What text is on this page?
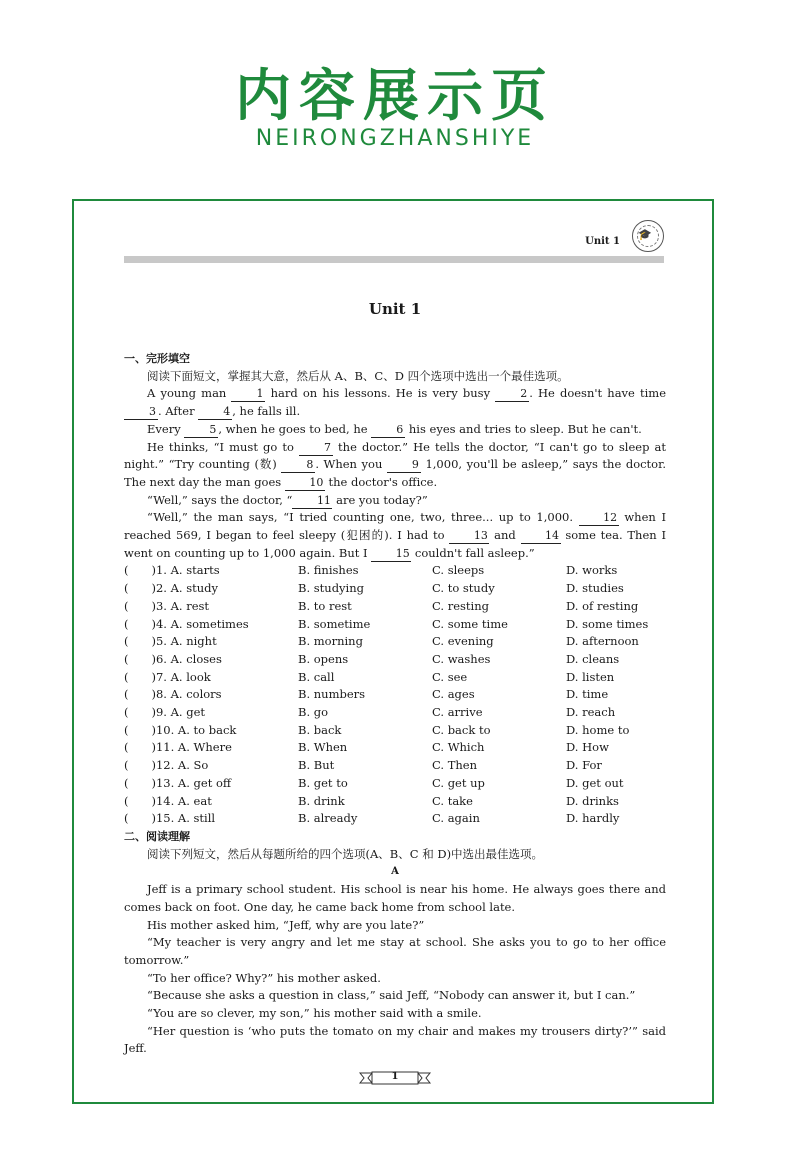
内容展示页
NEIRONGZHANSHIYE
Unit 1
🎓
Unit 1
一、完形填空
阅读下面短文，掌握其大意，然后从 A、B、C、D 四个选项中选出一个最佳选项。
A young man 1 hard on his lessons. He is very busy 2 . He doesn't have time 3 . After 4 , he falls ill.
Every 5 , when he goes to bed, he 6 his eyes and tries to sleep. But he can't.
He thinks, “I must go to 7 the doctor.” He tells the doctor, “I can't go to sleep at night.” “Try counting (数) 8 . When you 9 1,000, you'll be asleep,” says the doctor. The next day the man goes 10 the doctor's office.
“Well,” says the doctor, “ 11 are you today?”
“Well,” the man says, “I tried counting one, two, three... up to 1,000. 12 when I reached 569, I began to feel sleepy (犯困的). I had to 13 and 14 some tea. Then I went on counting up to 1,000 again. But I 15 couldn't fall asleep.”
(　　)1. A. starts	B. finishes	C. sleeps	D. works
(　　)2. A. study	B. studying	C. to study	D. studies
(　　)3. A. rest	B. to rest	C. resting	D. of resting
(　　)4. A. sometimes	B. sometime	C. some time	D. some times
(　　)5. A. night	B. morning	C. evening	D. afternoon
(　　)6. A. closes	B. opens	C. washes	D. cleans
(　　)7. A. look	B. call	C. see	D. listen
(　　)8. A. colors	B. numbers	C. ages	D. time
(　　)9. A. get	B. go	C. arrive	D. reach
(　　)10. A. to back	B. back	C. back to	D. home to
(　　)11. A. Where	B. When	C. Which	D. How
(　　)12. A. So	B. But	C. Then	D. For
(　　)13. A. get off	B. get to	C. get up	D. get out
(　　)14. A. eat	B. drink	C. take	D. drinks
(　　)15. A. still	B. already	C. again	D. hardly
二、阅读理解
阅读下列短文，然后从每题所给的四个选项(A、B、C 和 D)中选出最佳选项。
A
Jeff is a primary school student. His school is near his home. He always goes there and comes back on foot. One day, he came back home from school late.
His mother asked him, “Jeff, why are you late?”
“My teacher is very angry and let me stay at school. She asks you to go to her office tomorrow.”
“To her office? Why?” his mother asked.
“Because she asks a question in class,” said Jeff, “Nobody can answer it, but I can.”
“You are so clever, my son,” his mother said with a smile.
“Her question is ‘who puts the tomato on my chair and makes my trousers dirty?’” said Jeff.
1
